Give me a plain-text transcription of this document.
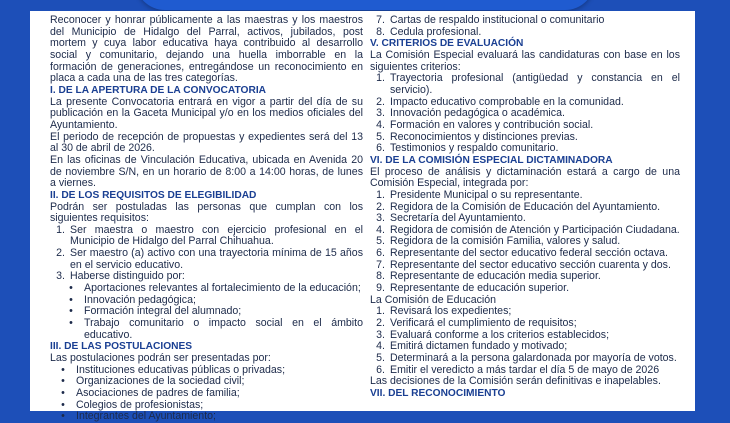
Reconocer y honrar públicamente a las maestras y los maestros del Municipio de Hidalgo del Parral, activos, jubilados, post mortem y cuya labor educativa haya contribuido al desarrollo social y comunitario, dejando una huella imborrable en la formación de generaciones, entregándose un reconocimiento en placa a cada una de las tres categorías.

I. DE LA APERTURA DE LA CONVOCATORIA

La presente Convocatoria entrará en vigor a partir del día de su publicación en la Gaceta Municipal y/o en los medios oficiales del Ayuntamiento.

El periodo de recepción de propuestas y expedientes será del 13 al 30 de abril de 2026.

En las oficinas de Vinculación Educativa, ubicada en Avenida 20 de noviembre S/N, en un horario de 8:00 a 14:00 horas, de lunes a viernes.

II. DE LOS REQUISITOS DE ELEGIBILIDAD

Podrán ser postuladas las personas que cumplan con los siguientes requisitos:

1. Ser maestra o maestro con ejercicio profesional en el Municipio de Hidalgo del Parral Chihuahua.
2. Ser maestro (a) activo con una trayectoria mínima de 15 años en el servicio educativo.
3. Haberse distinguido por:
•	Aportaciones relevantes al fortalecimiento de la educación;
•	Innovación pedagógica;
•	Formación integral del alumnado;
•	Trabajo comunitario o impacto social en el ámbito educativo.
III. DE LAS POSTULACIONES

Las postulaciones podrán ser presentadas por:

•	Instituciones educativas públicas o privadas;
•	Organizaciones de la sociedad civil;
•	Asociaciones de padres de familia;
•	Colegios de profesionistas;
•	Integrantes del Ayuntamiento;
7. Cartas de respaldo institucional o comunitario
8. Cedula profesional.
V. CRITERIOS DE EVALUACIÓN

La Comisión Especial evaluará las candidaturas con base en los siguientes criterios:

1. Trayectoria profesional (antigüedad y constancia en el servicio).
2. Impacto educativo comprobable en la comunidad.
3. Innovación pedagógica o académica.
4. Formación en valores y contribución social.
5. Reconocimientos y distinciones previas.
6. Testimonios y respaldo comunitario.
VI. DE LA COMISIÓN ESPECIAL DICTAMINADORA

El proceso de análisis y dictaminación estará a cargo de una Comisión Especial, integrada por:

1. Presidente Municipal o su representante.
2. Regidora de la Comisión de Educación del Ayuntamiento.
3. Secretaría del Ayuntamiento.
4. Regidora de comisión de Atención y Participación Ciudadana.
5. Regidora de la comisión Familia, valores y salud.
6. Representante del sector educativo federal sección octava.
7. Representante del sector educativo sección cuarenta y dos.
8. Representante de educación media superior.
9. Representante de educación superior.

La Comisión de Educación

1. Revisará los expedientes;
2. Verificará el cumplimiento de requisitos;
3. Evaluará conforme a los criterios establecidos;
4. Emitirá dictamen fundado y motivado;
5. Determinará a la persona galardonada por mayoría de votos.
6. Emitir el veredicto a más tardar el día 5 de mayo de 2026

Las decisiones de la Comisión serán definitivas e inapelables.

VII. DEL RECONOCIMIENTO
